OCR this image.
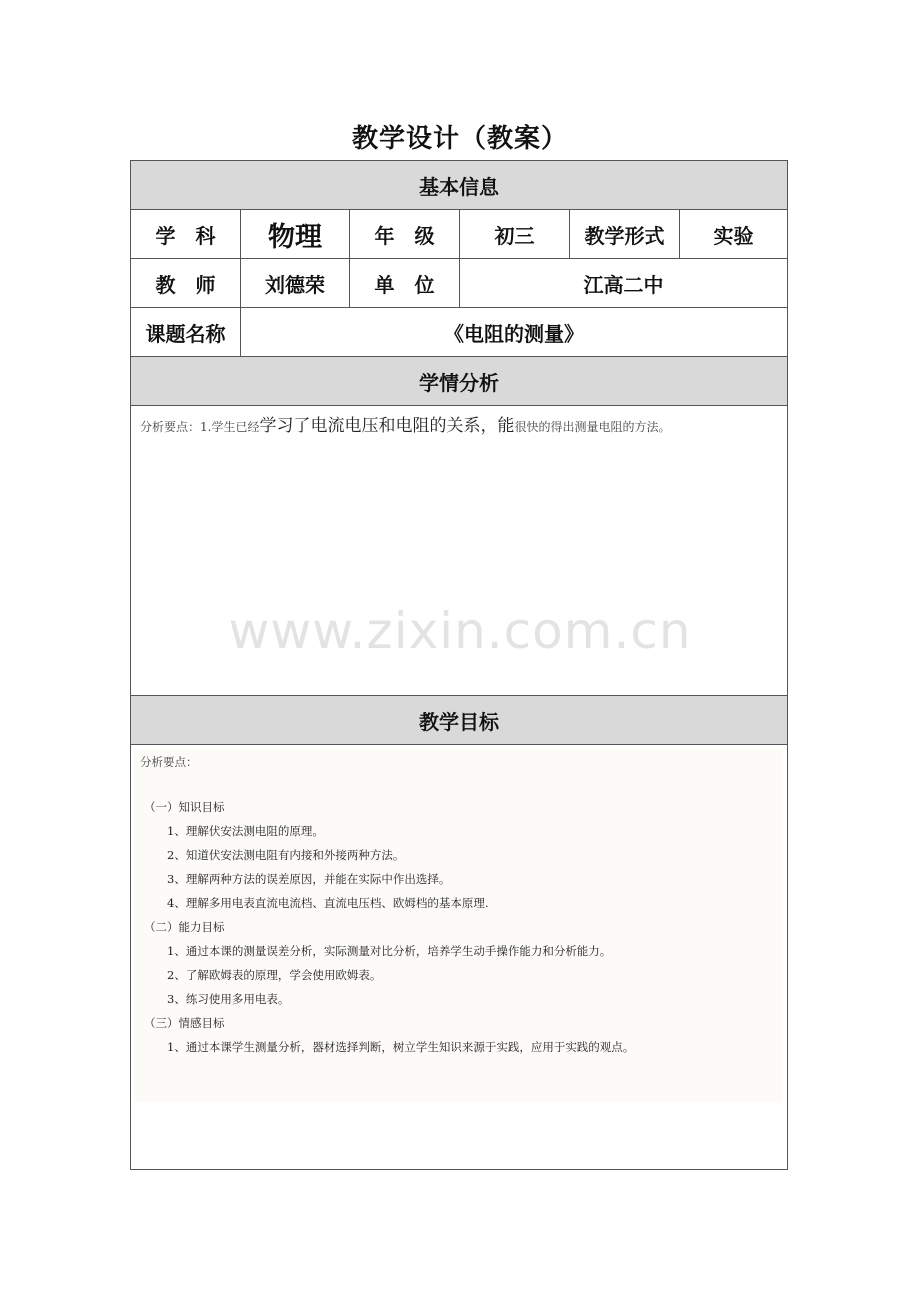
教学设计（教案）
基本信息
学　科	物理	年　级	初三	教学形式	实验
教　师	刘德荣	单　位	江高二中
课题名称	《电阻的测量》
学情分析
分析要点：1.学生已经学习了电流电压和电阻的关系，能很快的得出测量电阻的方法。
教学目标
分析要点：
（一）知识目标
1、理解伏安法测电阻的原理。
2、知道伏安法测电阻有内接和外接两种方法。
3、理解两种方法的误差原因，并能在实际中作出选择。
4、理解多用电表直流电流档、直流电压档、欧姆档的基本原理.
（二）能力目标
1、通过本课的测量误差分析，实际测量对比分析，培养学生动手操作能力和分析能力。
2、了解欧姆表的原理，学会使用欧姆表。
3、练习使用多用电表。
（三）情感目标
1、通过本课学生测量分析，器材选择判断，树立学生知识来源于实践，应用于实践的观点。
www.zixin.com.cn
